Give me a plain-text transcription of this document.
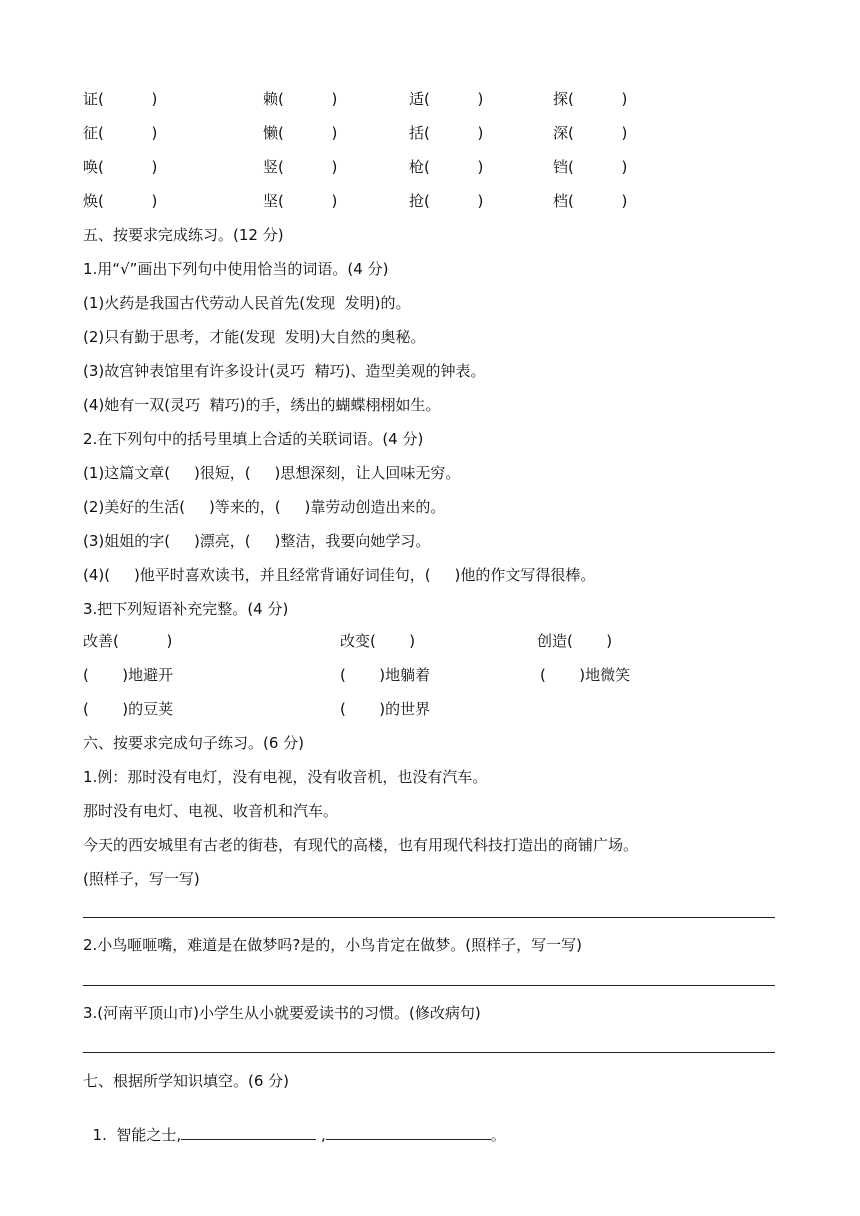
证(          )	赖(          )	适(          )	探(          )
征(          )	懒(          )	括(          )	深(          )
唤(          )	竖(          )	枪(          )	铛(          )
焕(          )	坚(          )	抢(          )	档(          )
五、按要求完成练习。(12 分)
1.用“√”画出下列句中使用恰当的词语。(4 分)
(1)火药是我国古代劳动人民首先(发现  发明)的。
(2)只有勤于思考，才能(发现  发明)大自然的奥秘。
(3)故宫钟表馆里有许多设计(灵巧  精巧)、造型美观的钟表。
(4)她有一双(灵巧  精巧)的手，绣出的蝴蝶栩栩如生。
2.在下列句中的括号里填上合适的关联词语。(4 分)
(1)这篇文章(     )很短，(     )思想深刻，让人回味无穷。
(2)美好的生活(     )等来的，(     )靠劳动创造出来的。
(3)姐姐的字(     )漂亮，(     )整洁，我要向她学习。
(4)(     )他平时喜欢读书，并且经常背诵好词佳句，(     )他的作文写得很棒。
3.把下列短语补充完整。(4 分)
改善(          )	改变(       )	创造(       )
(       )地避开	(       )地躺着	(       )地微笑
(       )的豆荚	(       )的世界
六、按要求完成句子练习。(6 分)
1.例：那时没有电灯，没有电视，没有收音机，也没有汽车。
那时没有电灯、电视、收音机和汽车。
今天的西安城里有古老的街巷，有现代的高楼，也有用现代科技打造出的商铺广场。
(照样子，写一写)
2.小鸟咂咂嘴，难道是在做梦吗?是的，小鸟肯定在做梦。(照样子，写一写)
3.(河南平顶山市)小学生从小就要爱读书的习惯。(修改病句)
七、根据所学知识填空。(6 分)

1.  智能之士,	,	。
